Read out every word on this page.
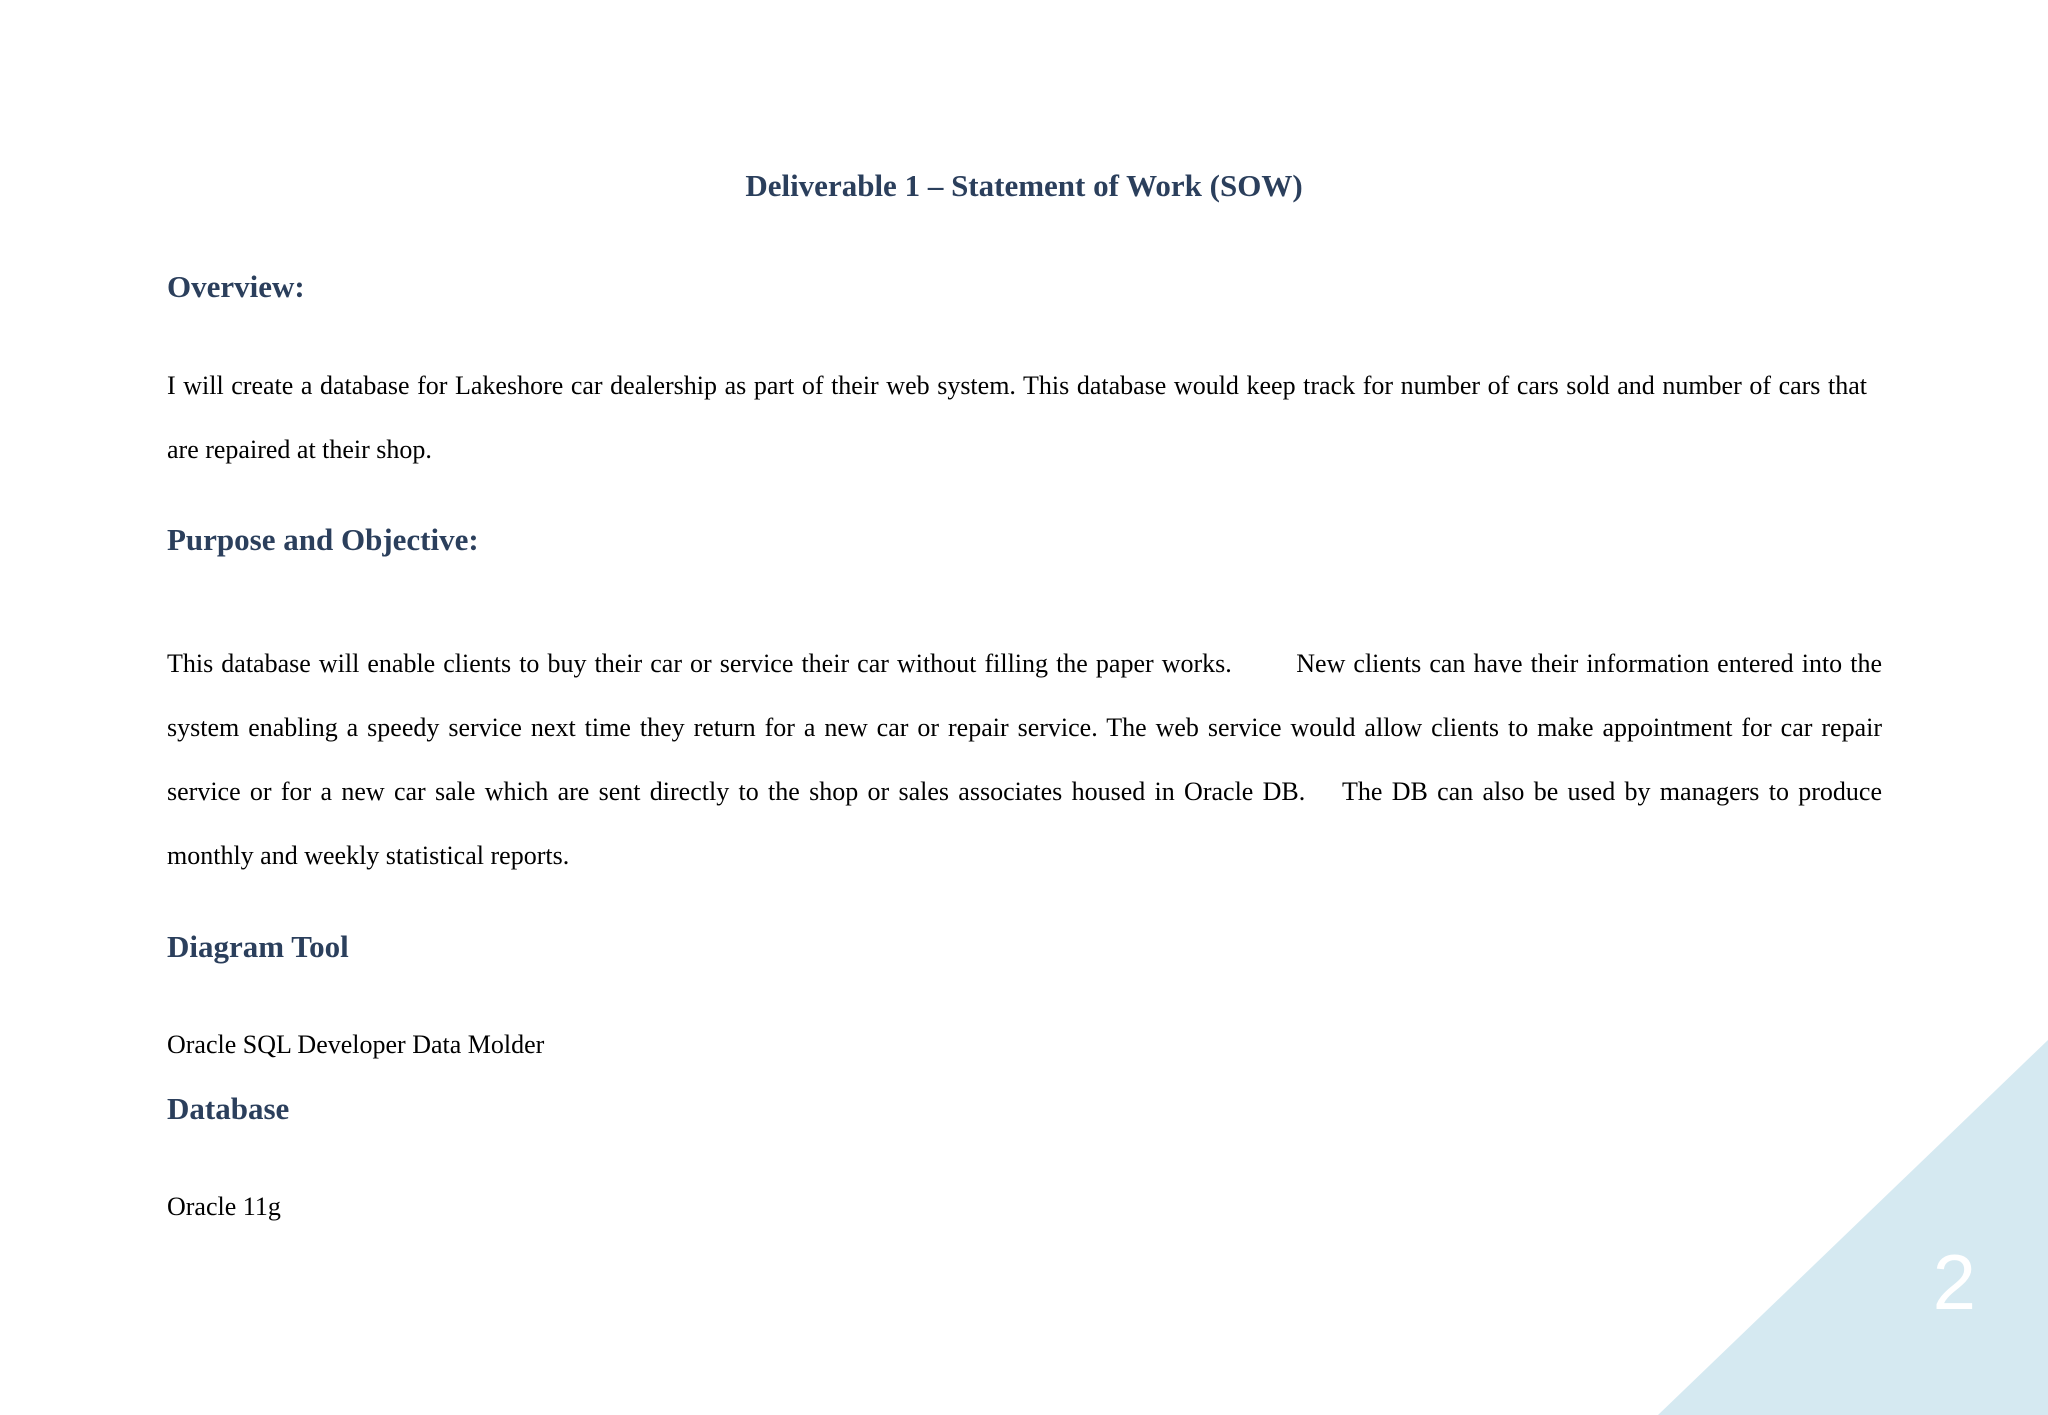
2
Deliverable 1 – Statement of Work (SOW)
Overview:
I will create a database for Lakeshore car dealership as part of their web system. This database would keep track for number of cars sold and number of cars that are repaired at their shop.
Purpose and Objective:
This database will enable clients to buy their car or service their car without filling the paper works.        New clients can have their information entered into the system enabling a speedy service next time they return for a new car or repair service. The web service would allow clients to make appointment for car repair service or for a new car sale which are sent directly to the shop or sales associates housed in Oracle DB.    The DB can also be used by managers to produce monthly and weekly statistical reports.
Diagram Tool
Oracle SQL Developer Data Molder
Database
Oracle 11g
